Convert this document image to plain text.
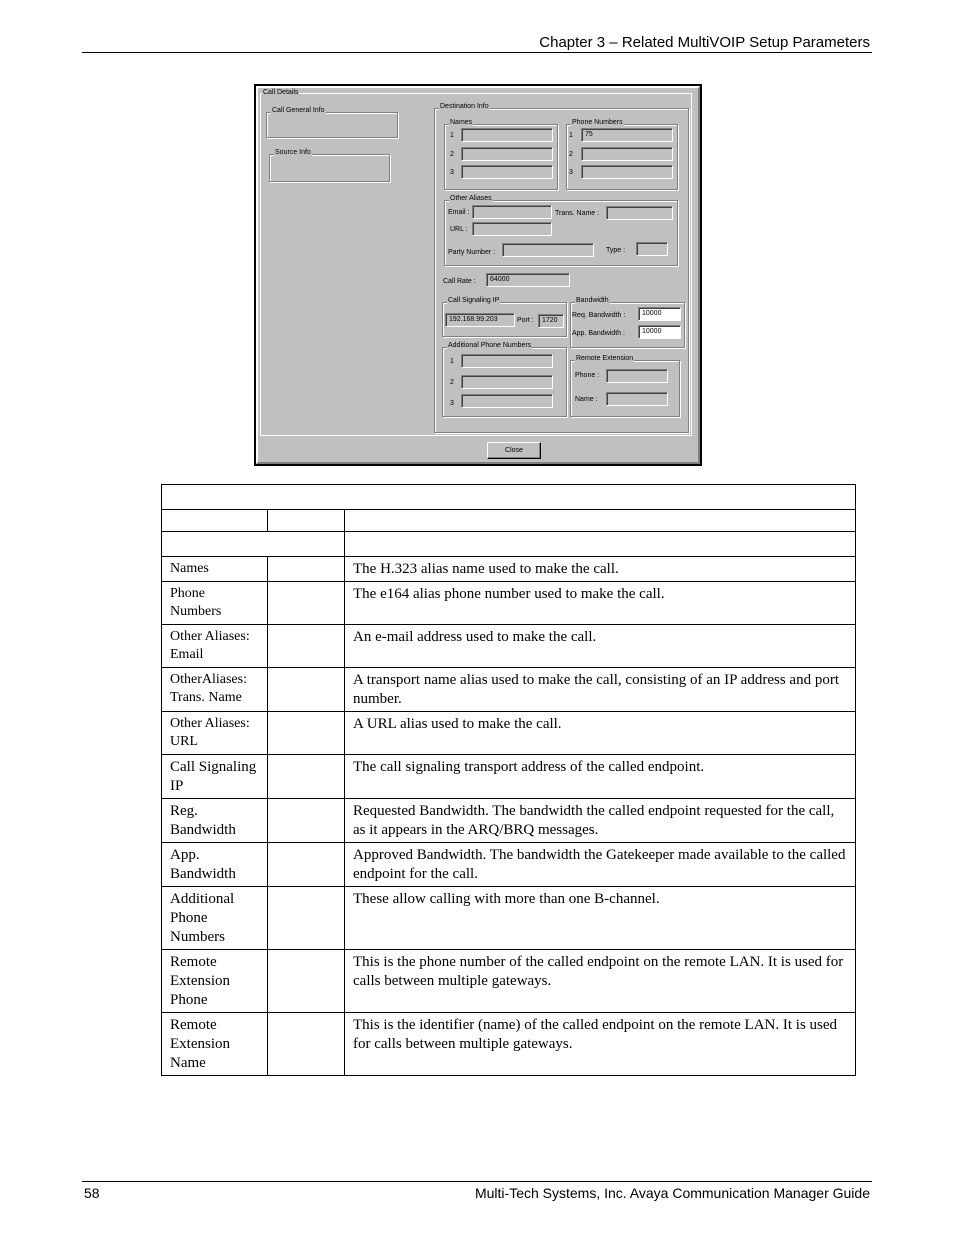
Chapter 3 – Related MultiVOIP Setup Parameters
Call Details
Call General Info
Source Info
Destination Info
Names
1
2
3
Phone Numbers
1	75
2
3
Other Aliases
Email :	Trans. Name :
URL :
Party Number :	Type :
Call Rate :	64000
Call Signaling IP
192.168.99.203	Port :	1720
Bandwidth
Req. Bandwidth :	10000
App. Bandwidth :	10000
Additional Phone Numbers
1
2
3
Remote Extension
Phone :
Name :
Close

Names		The H.323 alias name used to make the call.
Phone Numbers		The e164 alias phone number used to make the call.
Other Aliases: Email		An e-mail address used to make the call.
OtherAliases: Trans. Name		A transport name alias used to make the call, consisting of an IP address and port number.
Other Aliases: URL		A URL alias used to make the call.
Call Signaling IP		The call signaling transport address of the called endpoint.
Reg. Bandwidth		Requested Bandwidth. The bandwidth the called endpoint requested for the call, as it appears in the ARQ/BRQ messages.
App. Bandwidth		Approved Bandwidth. The bandwidth the Gatekeeper made available to the called endpoint for the call.
Additional Phone Numbers		These allow calling with more than one B-channel.
Remote Extension Phone		This is the phone number of the called endpoint on the remote LAN. It is used for calls between multiple gateways.
Remote Extension Name		This is the identifier (name) of the called endpoint on the remote LAN. It is used for calls between multiple gateways.
58	Multi-Tech Systems, Inc. Avaya Communication Manager Guide
